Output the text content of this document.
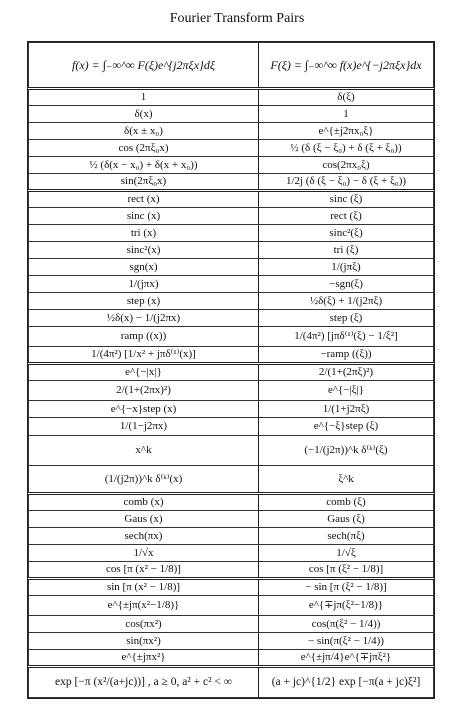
Fourier Transform Pairs
f(x) = ∫₋∞^∞ F(ξ)e^{j2πξx}dξ	F(ξ) = ∫₋∞^∞ f(x)e^{−j2πξx}dx
1	δ(ξ)
δ(x)	1
δ(x ± x₀)	e^{±j2πx₀ξ}
cos (2πξ₀x)	½ (δ (ξ − ξ₀) + δ (ξ + ξ₀))
½ (δ(x − x₀) + δ(x + x₀))	cos(2πx₀ξ)
sin(2πξ₀x)	1/2j (δ (ξ − ξ₀) − δ (ξ + ξ₀))
rect (x)	sinc (ξ)
sinc (x)	rect (ξ)
tri (x)	sinc²(ξ)
sinc²(x)	tri (ξ)
sgn(x)	1/(jπξ)
1/(jπx)	−sgn(ξ)
step (x)	½δ(ξ) + 1/(j2πξ)
½δ(x) − 1/(j2πx)	step (ξ)
ramp ((x))	1/(4π²) [jπδ⁽¹⁾(ξ) − 1/ξ²]
1/(4π²) [1/x² + jπδ⁽¹⁾(x)]	−ramp ((ξ))
e^{−|x|}	2/(1+(2πξ)²)
2/(1+(2πx)²)	e^{−|ξ|}
e^{−x}step (x)	1/(1+j2πξ)
1/(1−j2πx)	e^{−ξ}step (ξ)
x^k	(−1/(j2π))^k δ⁽ᵏ⁾(ξ)
(1/(j2π))^k δ⁽ᵏ⁾(x)	ξ^k
comb (x)	comb (ξ)
Gaus (x)	Gaus (ξ)
sech(πx)	sech(πξ)
1/√x	1/√ξ
cos [π (x² − 1/8)]	cos [π (ξ² − 1/8)]
sin [π (x² − 1/8)]	− sin [π (ξ² − 1/8)]
e^{±jπ(x²−1/8)}	e^{∓jπ(ξ²−1/8)}
cos(πx²)	cos(π(ξ² − 1/4))
sin(πx²)	− sin(π(ξ² − 1/4))
e^{±jπx²}	e^{±jπ/4}e^{∓jπξ²}
exp [−π (x²/(a+jc))] , a ≥ 0, a² + c² < ∞	(a + jc)^{1/2} exp [−π(a + jc)ξ²]
